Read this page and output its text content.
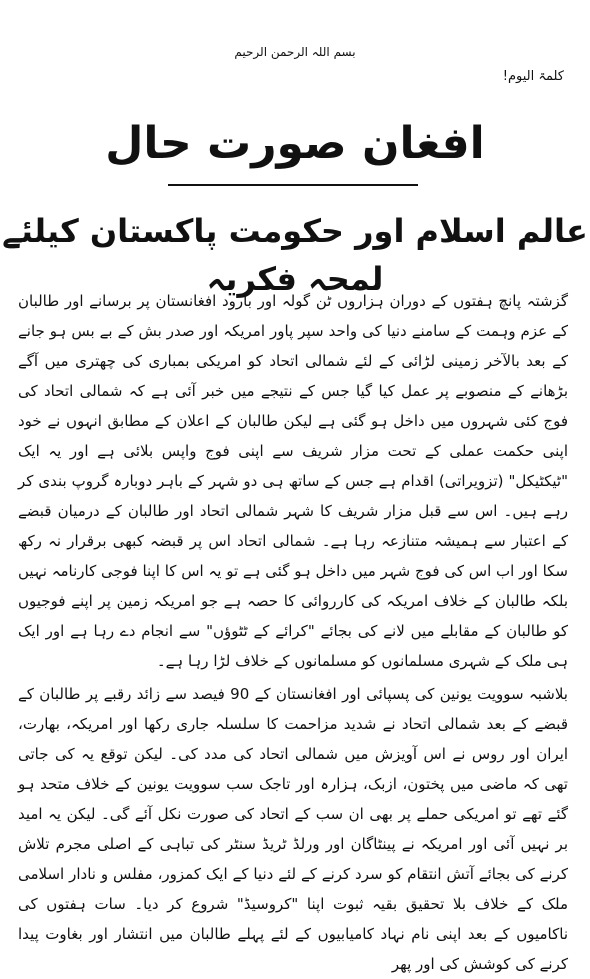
بسم اللہ الرحمن الرحیم
کلمۃ الیوم!
افغان صورت حال
عالم اسلام اور حکومت پاکستان کیلئے لمحہ فکریہ

گزشتہ پانچ ہفتوں کے دوران ہزاروں ٹن گولہ اور بارود افغانستان پر برسانے اور طالبان کے عزم وہمت کے سامنے دنیا کی واحد سپر پاور امریکہ اور صدر بش کے بے بس ہو جانے کے بعد بالآخر زمینی لڑائی کے لئے شمالی اتحاد کو امریکی بمباری کی چھتری میں آگے بڑھانے کے منصوبے پر عمل کیا گیا جس کے نتیجے میں خبر آئی ہے کہ شمالی اتحاد کی فوج کئی شہروں میں داخل ہو گئی ہے لیکن طالبان کے اعلان کے مطابق انہوں نے خود اپنی حکمت عملی کے تحت مزار شریف سے اپنی فوج واپس بلائی ہے اور یہ ایک "ٹیکٹیکل" (تزویراتی) اقدام ہے جس کے ساتھ ہی دو شہر کے باہر دوبارہ گروپ بندی کر رہے ہیں۔ اس سے قبل مزار شریف کا شہر شمالی اتحاد اور طالبان کے درمیان قبضے کے اعتبار سے ہمیشہ متنازعہ رہا ہے۔ شمالی اتحاد اس پر قبضہ کبھی برقرار نہ رکھ سکا اور اب اس کی فوج شہر میں داخل ہو گئی ہے تو یہ اس کا اپنا فوجی کارنامہ نہیں بلکہ طالبان کے خلاف امریکہ کی کارروائی کا حصہ ہے جو امریکہ زمین پر اپنے فوجیوں کو طالبان کے مقابلے میں لانے کی بجائے "کرائے کے ٹٹوؤں" سے انجام دے رہا ہے اور ایک ہی ملک کے شہری مسلمانوں کو مسلمانوں کے خلاف لڑا رہا ہے۔

بلاشبہ سوویت یونین کی پسپائی اور افغانستان کے 90 فیصد سے زائد رقبے پر طالبان کے قبضے کے بعد شمالی اتحاد نے شدید مزاحمت کا سلسلہ جاری رکھا اور امریکہ، بھارت، ایران اور روس نے اس آویزش میں شمالی اتحاد کی مدد کی۔ لیکن توقع یہ کی جاتی تھی کہ ماضی میں پختون، ازبک، ہزارہ اور تاجک سب سوویت یونین کے خلاف متحد ہو گئے تھے تو امریکی حملے پر بھی ان سب کے اتحاد کی صورت نکل آئے گی۔ لیکن یہ امید بر نہیں آئی اور امریکہ نے پینٹاگان اور ورلڈ ٹریڈ سنٹر کی تباہی کے اصلی مجرم تلاش کرنے کی بجائے آتش انتقام کو سرد کرنے کے لئے دنیا کے ایک کمزور، مفلس و نادار اسلامی ملک کے خلاف بلا تحقیق بقیہ ثبوت اپنا "کروسیڈ" شروع کر دیا۔ سات ہفتوں کی ناکامیوں کے بعد اپنی نام نہاد کامیابیوں کے لئے پہلے طالبان میں انتشار اور بغاوت پیدا کرنے کی کوشش کی اور پھر
